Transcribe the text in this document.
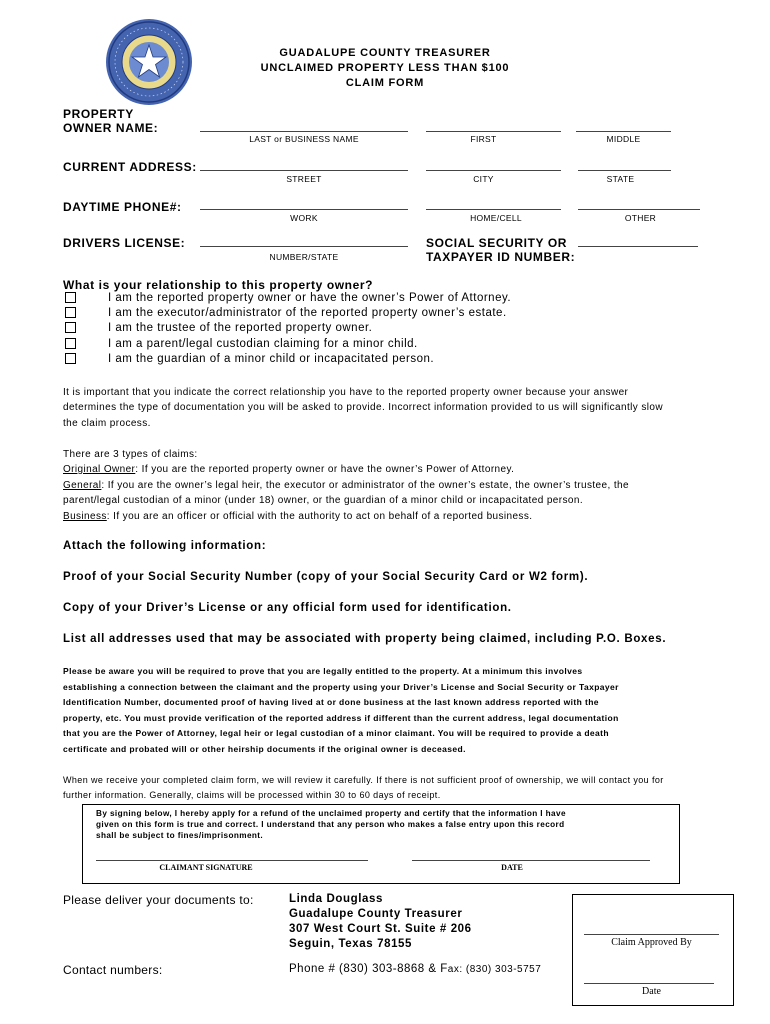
GUADALUPE COUNTY TREASURER
UNCLAIMED PROPERTY LESS THAN $100
CLAIM FORM
PROPERTY
OWNER NAME:
LAST or BUSINESS NAME	FIRST	MIDDLE
CURRENT ADDRESS:
STREET	CITY	STATE
DAYTIME PHONE#:
WORK	HOME/CELL	OTHER
DRIVERS LICENSE:
NUMBER/STATE
SOCIAL SECURITY OR
TAXPAYER ID NUMBER:
What is your relationship to this property owner?
I am the reported property owner or have the owner’s Power of Attorney.
I am the executor/administrator of the reported property owner’s estate.
I am the trustee of the reported property owner.
I am a parent/legal custodian claiming for a minor child.
I am the guardian of a minor child or incapacitated person.
It is important that you indicate the correct relationship you have to the reported property owner because your answer
determines the type of documentation you will be asked to provide. Incorrect information provided to us will significantly slow
the claim process.
There are 3 types of claims:
Original Owner: If you are the reported property owner or have the owner’s Power of Attorney.
General: If you are the owner’s legal heir, the executor or administrator of the owner’s estate, the owner’s trustee, the
parent/legal custodian of a minor (under 18) owner, or the guardian of a minor child or incapacitated person.
Business: If you are an officer or official with the authority to act on behalf of a reported business.
Attach the following information:
Proof of your Social Security Number (copy of your Social Security Card or W2 form).
Copy of your Driver’s License or any official form used for identification.
List all addresses used that may be associated with property being claimed, including P.O. Boxes.
Please be aware you will be required to prove that you are legally entitled to the property. At a minimum this involves
establishing a connection between the claimant and the property using your Driver’s License and Social Security or Taxpayer
Identification Number, documented proof of having lived at or done business at the last known address reported with the
property, etc. You must provide verification of the reported address if different than the current address, legal documentation
that you are the Power of Attorney, legal heir or legal custodian of a minor claimant. You will be required to provide a death
certificate and probated will or other heirship documents if the original owner is deceased.
When we receive your completed claim form, we will review it carefully. If there is not sufficient proof of ownership, we will contact you for
further information. Generally, claims will be processed within 30 to 60 days of receipt.
By signing below, I hereby apply for a refund of the unclaimed property and certify that the information I have
given on this form is true and correct. I understand that any person who makes a false entry upon this record
shall be subject to fines/imprisonment.
CLAIMANT SIGNATURE	DATE
Please deliver your documents to:	Linda Douglass
Guadalupe County Treasurer
307 West Court St. Suite # 206
Seguin, Texas 78155
Contact numbers:	Phone # (830) 303-8868 & Fax: (830) 303-5757
Claim Approved By
Date
